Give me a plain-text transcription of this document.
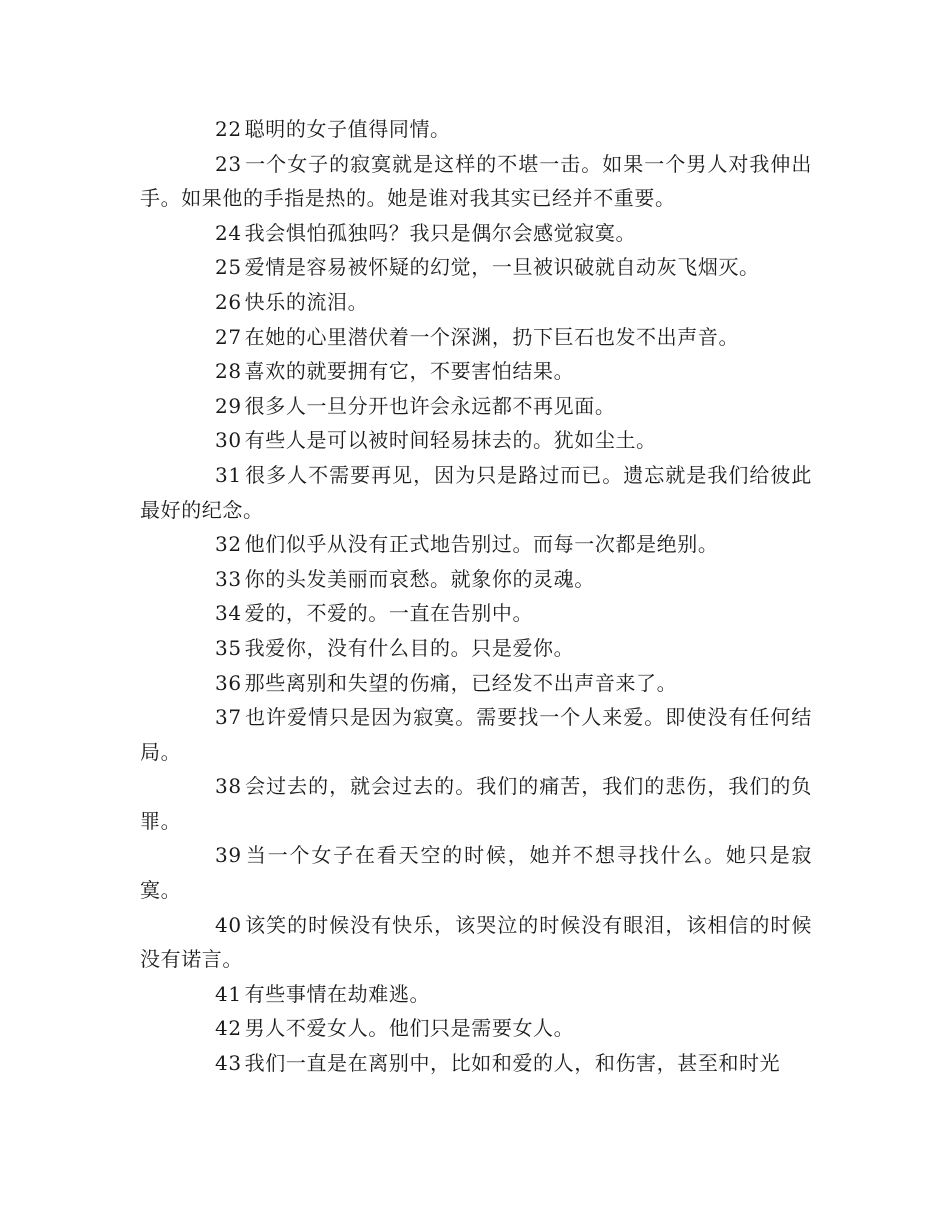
22 聪明的女子值得同情。

23 一个女子的寂寞就是这样的不堪一击。如果一个男人对我伸出手。如果他的手指是热的。她是谁对我其实已经并不重要。

24 我会惧怕孤独吗？我只是偶尔会感觉寂寞。

25 爱情是容易被怀疑的幻觉，一旦被识破就自动灰飞烟灭。

26 快乐的流泪。

27 在她的心里潜伏着一个深渊，扔下巨石也发不出声音。

28 喜欢的就要拥有它，不要害怕结果。

29 很多人一旦分开也许会永远都不再见面。

30 有些人是可以被时间轻易抹去的。犹如尘土。

31 很多人不需要再见，因为只是路过而已。遗忘就是我们给彼此最好的纪念。

32 他们似乎从没有正式地告别过。而每一次都是绝别。

33 你的头发美丽而哀愁。就象你的灵魂。

34 爱的，不爱的。一直在告别中。

35 我爱你，没有什么目的。只是爱你。

36 那些离别和失望的伤痛，已经发不出声音来了。

37 也许爱情只是因为寂寞。需要找一个人来爱。即使没有任何结局。

38 会过去的，就会过去的。我们的痛苦，我们的悲伤，我们的负罪。

39 当一个女子在看天空的时候，她并不想寻找什么。她只是寂寞。

40 该笑的时候没有快乐，该哭泣的时候没有眼泪，该相信的时候没有诺言。

41 有些事情在劫难逃。

42 男人不爱女人。他们只是需要女人。

43 我们一直是在离别中，比如和爱的人，和伤害，甚至和时光
